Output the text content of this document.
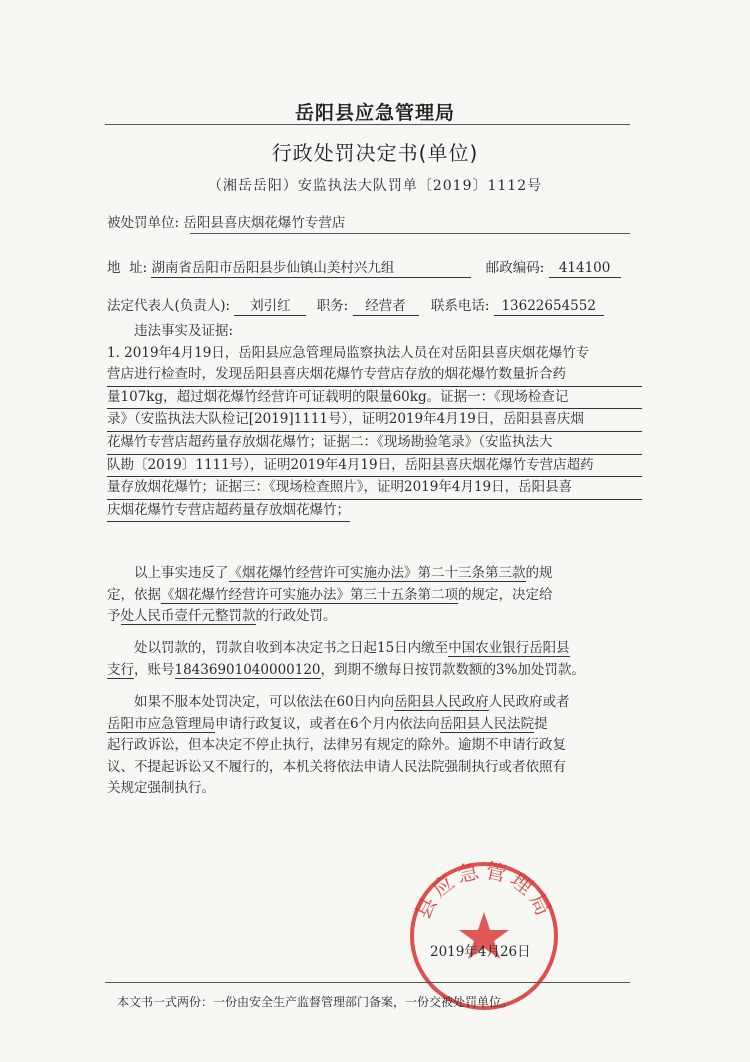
岳阳县应急管理局
行政处罚决定书(单位)
（湘岳岳阳）安监执法大队罚单〔2019〕1112号
被处罚单位: 岳阳县喜庆烟花爆竹专营店
地  址: 湖南省岳阳市岳阳县步仙镇山美村兴九组	邮政编码: 414100
法定代表人(负责人): 刘引红 职务: 经营者 联系电话: 13622654552
违法事实及证据:
1. 2019年4月19日，岳阳县应急管理局监察执法人员在对岳阳县喜庆烟花爆竹专
营店进行检查时，发现岳阳县喜庆烟花爆竹专营店存放的烟花爆竹数量折合药
量107kg，超过烟花爆竹经营许可证载明的限量60kg。证据一：《现场检查记
录》（安监执法大队检记[2019]1111号），证明2019年4月19日，岳阳县喜庆烟
花爆竹专营店超药量存放烟花爆竹；证据二：《现场勘验笔录》（安监执法大
队勘〔2019〕1111号），证明2019年4月19日，岳阳县喜庆烟花爆竹专营店超药
量存放烟花爆竹；证据三：《现场检查照片》，证明2019年4月19日，岳阳县喜
庆烟花爆竹专营店超药量存放烟花爆竹；
以上事实违反了《烟花爆竹经营许可实施办法》第二十三条第三款的规
定，依据《烟花爆竹经营许可实施办法》第三十五条第二项的规定，决定给
予处人民币壹仟元整罚款的行政处罚。
处以罚款的，罚款自收到本决定书之日起15日内缴至中国农业银行岳阳县
支行，账号18436901040000120，到期不缴每日按罚款数额的3%加处罚款。
如果不服本处罚决定，可以依法在60日内向岳阳县人民政府人民政府或者
岳阳市应急管理局申请行政复议，或者在6个月内依法向岳阳县人民法院提
起行政诉讼，但本决定不停止执行，法律另有规定的除外。逾期不申请行政复
议、不提起诉讼又不履行的，本机关将依法申请人民法院强制执行或者依照有
关规定强制执行。
县应急管理局
2019年4月26日
本文书一式两份：一份由安全生产监督管理部门备案，一份交被处罚单位。
